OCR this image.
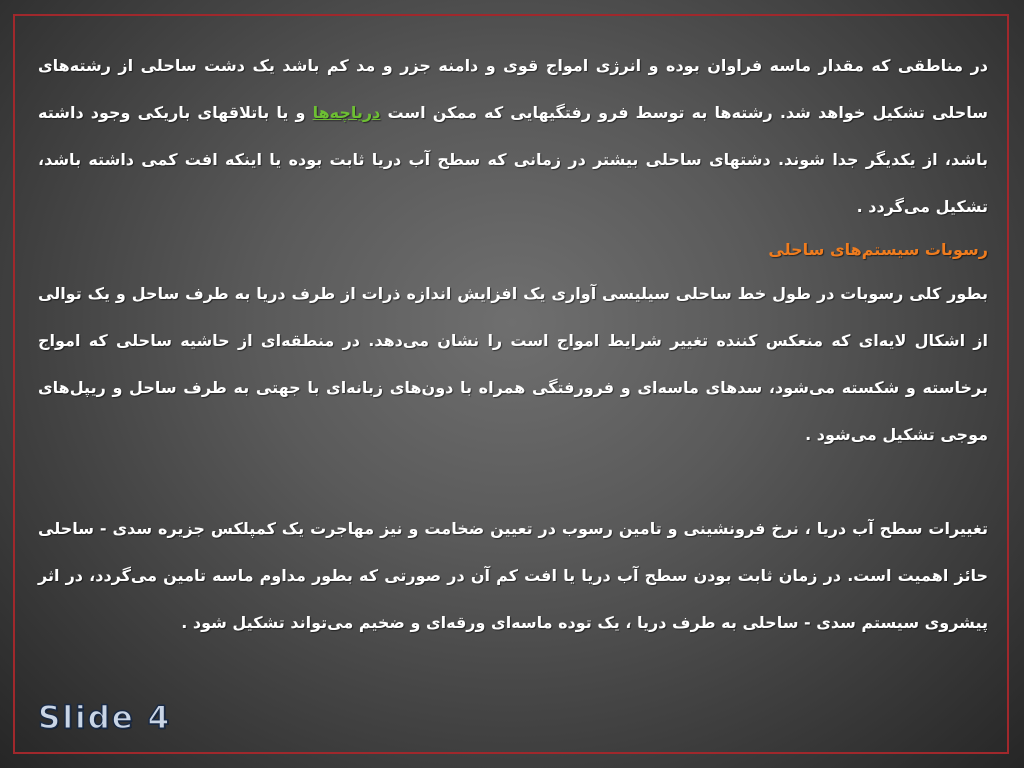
در مناطقی که مقدار ماسه فراوان بوده و انرژی امواج قوی و دامنه جزر و مد کم باشد یک دشت ساحلی از رشته‌های ساحلی تشکیل خواهد شد. رشته‌ها به توسط فرو رفتگیهایی که ممکن است درياچه‌ها و یا باتلاقهای باریکی وجود داشته باشد، از یکدیگر جدا شوند. دشتهای ساحلی بیشتر در زمانی که سطح آب دریا ثابت بوده یا اینکه افت کمی داشته باشد، تشکیل می‌گردد .

رسوبات سیستم‌های ساحلی

بطور کلی رسوبات در طول خط ساحلی سیلیسی آواری یک افزایش اندازه ذرات از طرف دریا به طرف ساحل و یک توالی از اشکال لایه‌ای که منعکس کننده تغییر شرایط امواج است را نشان می‌دهد. در منطقه‌ای از حاشیه ساحلی که امواج برخاسته و شکسته می‌شود، سدهای ماسه‌ای و فرورفتگی همراه با دون‌های زبانه‌ای با جهتی به طرف ساحل و ریپل‌های موجی تشکیل می‌شود .

تغییرات سطح آب دریا ، نرخ فرونشینی و تامین رسوب در تعیین ضخامت و نیز مهاجرت یک کمپلکس جزیره سدی - ساحلی حائز اهمیت است. در زمان ثابت بودن سطح آب دریا یا افت کم آن در صورتی که بطور مداوم ماسه تامین می‌گردد، در اثر پیشروی سیستم سدی - ساحلی به طرف دریا ، یک توده ماسه‌ای ورقه‌ای و ضخیم می‌تواند تشکیل شود .

Slide 4
